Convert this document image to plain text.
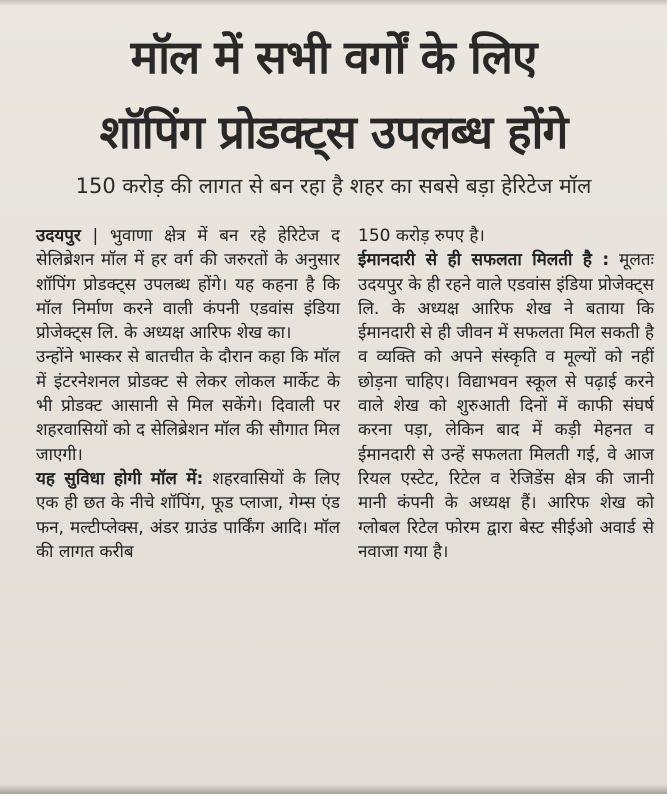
मॉल में सभी वर्गों के लिए
शॉपिंग प्रोडक्ट्स उपलब्ध होंगे
150 करोड़ की लागत से बन रहा है शहर का सबसे बड़ा हेरिटेज मॉल

उदयपुर | भुवाणा क्षेत्र में बन रहे हेरिटेज द सेलिब्रेशन मॉल में हर वर्ग की जरुरतों के अनुसार शॉपिंग प्रोडक्ट्स उपलब्ध होंगे। यह कहना है कि मॉल निर्माण करने वाली कंपनी एडवांस इंडिया प्रोजेक्ट्स लि. के अध्यक्ष आरिफ शेख का।

उन्होंने भास्कर से बातचीत के दौरान कहा कि मॉल में इंटरनेशनल प्रोडक्ट से लेकर लोकल मार्केट के भी प्रोडक्ट आसानी से मिल सकेंगे। दिवाली पर शहरवासियों को द सेलिब्रेशन मॉल की सौगात मिल जाएगी।

यह सुविधा होगी मॉल में: शहरवासियों के लिए एक ही छत के नीचे शॉपिंग, फूड प्लाजा, गेम्स एंड फन, मल्टीप्लेक्स, अंडर ग्राउंड पार्किंग आदि। मॉल की लागत करीब

150 करोड़ रुपए है।

ईमानदारी से ही सफलता मिलती है : मूलतः उदयपुर के ही रहने वाले एडवांस इंडिया प्रोजेक्ट्स लि. के अध्यक्ष आरिफ शेख ने बताया कि ईमानदारी से ही जीवन में सफलता मिल सकती है व व्यक्ति को अपने संस्कृति व मूल्यों को नहीं छोड़ना चाहिए। विद्याभवन स्कूल से पढ़ाई करने वाले शेख को शुरुआती दिनों में काफी संघर्ष करना पड़ा, लेकिन बाद में कड़ी मेहनत व ईमानदारी से उन्हें सफलता मिलती गई, वे आज रियल एस्टेट, रिटेल व रेजिडेंस क्षेत्र की जानी मानी कंपनी के अध्यक्ष हैं। आरिफ शेख को ग्लोबल रिटेल फोरम द्वारा बेस्ट सीईओ अवार्ड से नवाजा गया है।
